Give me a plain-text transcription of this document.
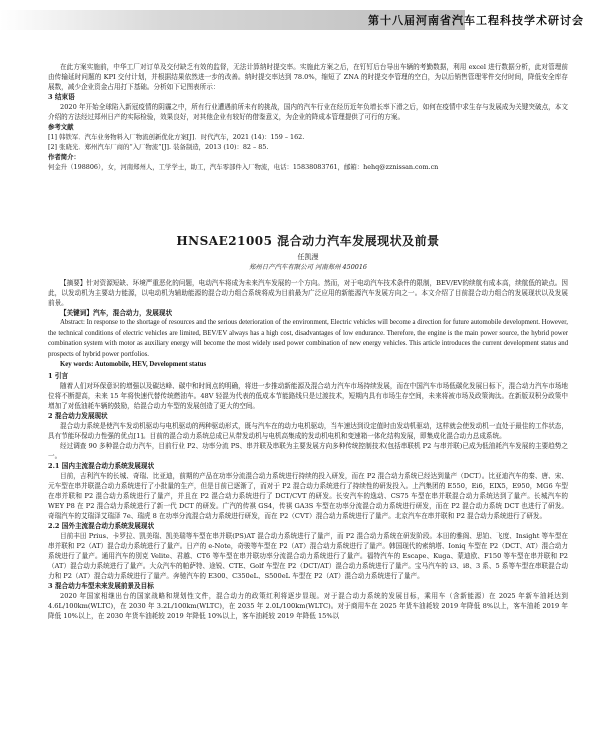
第十八届河南省汽车工程科技学术研讨会

在此方案实施前，中华工厂对订单及交付缺乏有效的监督，无法计算纳时提交率。实施此方案之后，在钉钉后台导出车辆的考勤数据，利用 excel 进行数据分析，此对管理前由传输延时问题的 KPI 交付计划，并根据结果依然进一步的改善。纳时提交率达到 78.0%，缩短了 ZNA 的时提交李管理的空白，为以后销售管理零件交付时间，降低安全库存展数，减少企业资金占用打下基础。分析如下记图表所示：

3 结束语

2020 年开始全球陷入新冠疫情的阴霾之中，所有行业遭遇前所未有的挑战，国内的汽车行业在经历近年负增长率下滑之后，如何在疫情中求生存与发展成为关键突破点，本文介绍的方法经过郑州日产的实际检验，效果良好，对其他企业有较好的借鉴意义，为企业的降成本管理提供了可行的方案。

参考文献

[1] 韩铁军．汽车业务物料入厂物流创新优化方案[J]．时代汽车，2021 (14)：159 – 162.

[2] 张晓光．郑州汽车厂商的“入厂物流”[J]. 装备制造，2013 (10)：82 – 85.

作者简介：

何金升（198806），女，河南郑州人，工学学士，助工，汽车零部件入厂物流，电话：15838083761，邮箱：hehq@zznissan.com.cn

HNSAE21005 混合动力汽车发展现状及前景
任凯漫
郑州日产汽车有限公司 河南郑州 450016

【摘要】针对资源短缺、环境严重恶化的问题，电动汽车将成为未来汽车发展的一个方向。然而，对于电动汽车技术条件的限制，BEV/EV的续航有成本高，续航低的缺点。因此，以发动机为主要动力能源，以电动机为辅助能源的混合动力组合系统将成为目前最为广泛应用的新能源汽车发展方向之一。本文介绍了目前混合动力组合的发展现状以及发展前景。

【关键词】汽车，混合动力，发展现状

Abstract: In response to the shortage of resources and the serious deterioration of the environment, Electric vehicles will become a direction for future automobile development. However, the technical conditions of electric vehicles are limited, BEV/EV always has a high cost, disadvantages of low endurance. Therefore, the engine is the main power source, the hybrid power combination system with motor as auxiliary energy will become the most widely used power combination of new energy vehicles. This article introduces the current development status and prospects of hybrid power portfolios.

Key words: Automobile, HEV, Development status

1 引言

随着人们对环保意识的增强以及碳达峰、碳中和时间点的明确，将进一步推动新能源及混合动力汽车市场持续发展，而在中国汽车市场低碳化发展日标下，混合动力汽车市场地位将不断提高，未来 15 年将快速代替传统燃油车。48V 轻混为代表的低成本节能路线只是过渡技术，短期内具有市场生存空间，未来将被市场及政策淘汰。在新版双积分政策中增加了对低油耗车辆的鼓励，给混合动力车型的发展创造了更大的空间。

2 混合动力发展现状

混合动力系统是使汽车发动机驱动与电机驱动的两种驱动形式，既与汽车在的动力电机驱动，当车速达到设定值时由发动机驱动，这样就会使发动机一直处于最佳的工作状态，具有节能环保动力性强的优点[1]。目前的混合动力系统总成已从带发动机与电机高集成的发动机电机和变速箱一体化结构发展，即集成化混合动力总成系统。

经过调查 90 多种混合动力汽车，目前行业 P2、功率分流 PS、串并联及串联为主要发展方向多种传统控制技术(包括串联机 P2 与串并联)已成为低油耗汽车发展的主要趋势之一。

2.1 国内主流混合动力系统发展现状

目前，吉利汽车的长城、奇瑞、比亚迪，前期的产品在功率分流混合动力系统进行持续的投入研发，而在 P2 混合动力系统已经达到量产（DCT）。比亚迪汽车的秦、唐、宋、元车型在串并联混合动力系统进行了小批量的生产，但是目前已逐渐了，而对于 P2 混合动力系统进行了持续性的研发投入。上汽集团的 E550，Ei6，EIX5，E950，MG6 车型在串并联和 P2 混合动力系统进行了量产，并且在 P2 混合动力系统进行了 DCT/CVT 的研发。长安汽车的逸动、CS75 车型在串并联混合动力系统达到了量产。长城汽车的 WEY P8 在 P2 混合动力系统进行了新一代 DCT 的研发。广汽的传祺 GS4，传祺 GA3S 车型在功率分流混合动力系统进行研发，而在 P2 混合动力系统 DCT 也进行了研发。奇瑞汽车的艾瑞泽艾瑞泽 7e、瑞虎 8 在功率分流混合动力系统进行研发，而在 P2（CVT）混合动力系统进行了量产。北京汽车在串并联和 P2 混合动力系统进行了研发。

2.2 国外主流混合动力系统发展现状

目前丰田 Prius、卡罗拉、凯美瑞、凯美瑞等车型在串并联(PS)AT 混合动力系统进行了量产，而 P2 混合动力系统在研发阶段。本田的雅阁、思铂、飞度、Insight 等车型在串并联和 P2（AT）混合动力系统进行了量产。日产的 e-Note，奇骏等车型在 P2（AT）混合动力系统进行了量产。韩国现代的索纳塔、Ioniq 车型在 P2（DCT、AT）混合动力系统进行了量产。通用汽车的别克 Velite、君越、CT6 等车型在串并联功率分流混合动力系统进行了量产。福特汽车的 Escape、Kuga、蒙迪欧、F150 等车型在串并联和 P2（AT）混合动力系统进行了量产。大众汽车的帕萨特、途锐、CTE、Golf 车型在 P2（DCT/AT）混合动力系统进行了量产。宝马汽车的 i3、i8、3 系、5 系等车型在串联混合动力和 P2（AT）混合动力系统进行了量产。奔驰汽车的 E300、C350eL、S500eL 车型在 P2（AT）混合动力系统进行了量产。

3 混合动力车型未来发展前景及目标

2020 年国家相继出台的国家战略和规划性文件，混合动力的政策红利将逐步显现。对于混合动力系统的发展目标，乘用车（含新能源）在 2025 年新车油耗达到 4.6L/100km(WLTC)，在 2030 年 3.2L/100km(WLTC)，在 2035 年 2.0L/100km(WLTC)。对于商用车在 2025 年货车油耗较 2019 年降低 8%以上，客车油耗 2019 年降低 10%以上，在 2030 年货车油耗较 2019 年降低 10%以上，客车油耗较 2019 年降低 15%以
